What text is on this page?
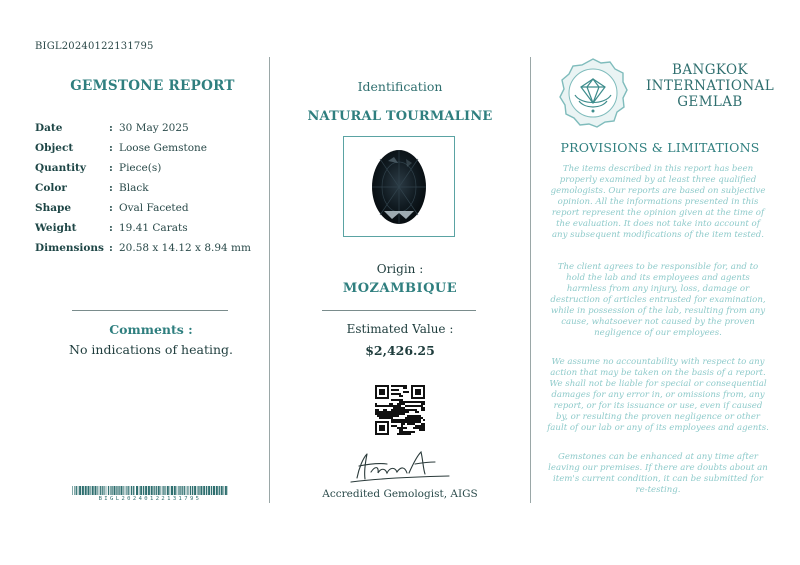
BIGL20240122131795
GEMSTONE REPORT
Date	: 30 May 2025
Object	: Loose Gemstone
Quantity	: Piece(s)
Color	: Black
Shape	: Oval Faceted
Weight	: 19.41 Carats
Dimensions : 20.58 x 14.12 x 8.94 mm
Comments :
No indications of heating.
BIGL20240122131795
Identification
NATURAL TOURMALINE
Origin :
MOZAMBIQUE
Estimated Value :
$2,426.25
Accredited Gemologist, AIGS
BANGKOK
INTERNATIONAL
GEMLAB
PROVISIONS & LIMITATIONS
The items described in this report has been properly examined by at least three qualified gemologists. Our reports are based on subjective opinion. All the informations presented in this report represent the opinion given at the time of the evaluation. It does not take into account of any subsequent modifications of the item tested.
The client agrees to be responsible for, and to hold the lab and its employees and agents harmless from any injury, loss, damage or destruction of articles entrusted for examination, while in possession of the lab, resulting from any cause, whatsoever not caused by the proven negligence of our employees.
We assume no accountability with respect to any action that may be taken on the basis of a report. We shall not be liable for special or consequential damages for any error in, or omissions from, any report, or for its issuance or use, even if caused by, or resulting the proven negligence or other fault of our lab or any of its employees and agents.
Gemstones can be enhanced at any time after leaving our premises. If there are doubts about an item's current condition, it can be submitted for re-testing.
